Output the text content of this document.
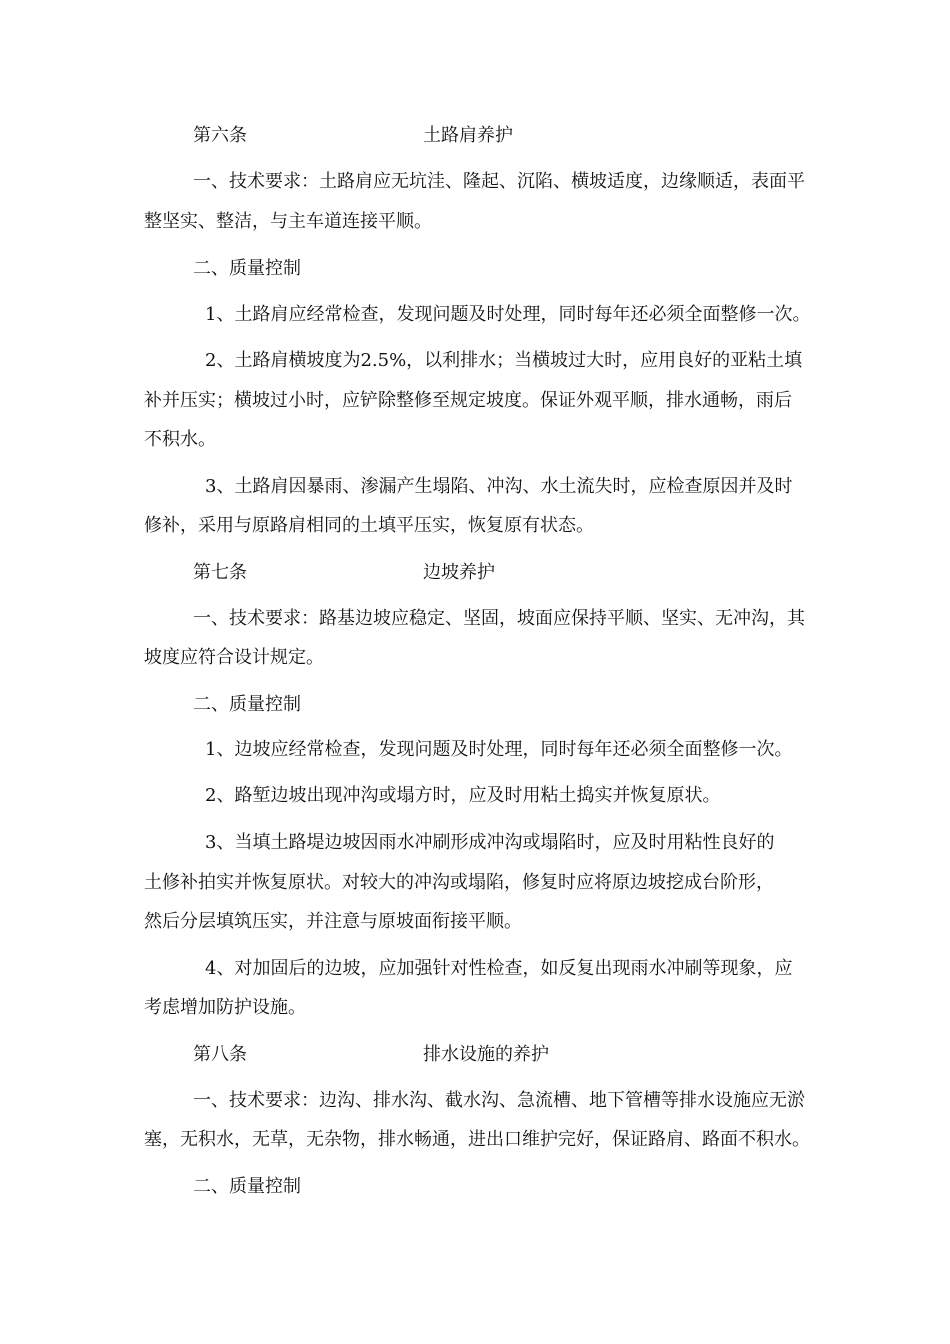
第六条	土路肩养护
一、技术要求：土路肩应无坑洼、隆起、沉陷、横坡适度，边缘顺适，表面平
整坚实、整洁，与主车道连接平顺。
二、质量控制
1、土路肩应经常检查，发现问题及时处理，同时每年还必须全面整修一次。
2、土路肩横坡度为2.5%，以利排水；当横坡过大时，应用良好的亚粘土填
补并压实；横坡过小时，应铲除整修至规定坡度。保证外观平顺，排水通畅，雨后
不积水。
3、土路肩因暴雨、渗漏产生塌陷、冲沟、水土流失时，应检查原因并及时
修补，采用与原路肩相同的土填平压实，恢复原有状态。
第七条	边坡养护
一、技术要求：路基边坡应稳定、坚固，坡面应保持平顺、坚实、无冲沟，其
坡度应符合设计规定。
二、质量控制
1、边坡应经常检查，发现问题及时处理，同时每年还必须全面整修一次。
2、路堑边坡出现冲沟或塌方时，应及时用粘土捣实并恢复原状。
3、当填土路堤边坡因雨水冲刷形成冲沟或塌陷时，应及时用粘性良好的
土修补拍实并恢复原状。对较大的冲沟或塌陷，修复时应将原边坡挖成台阶形，
然后分层填筑压实，并注意与原坡面衔接平顺。
4、对加固后的边坡，应加强针对性检查，如反复出现雨水冲刷等现象，应
考虑增加防护设施。
第八条	排水设施的养护
一、技术要求：边沟、排水沟、截水沟、急流槽、地下管槽等排水设施应无淤
塞，无积水，无草，无杂物，排水畅通，进出口维护完好，保证路肩、路面不积水。
二、质量控制
